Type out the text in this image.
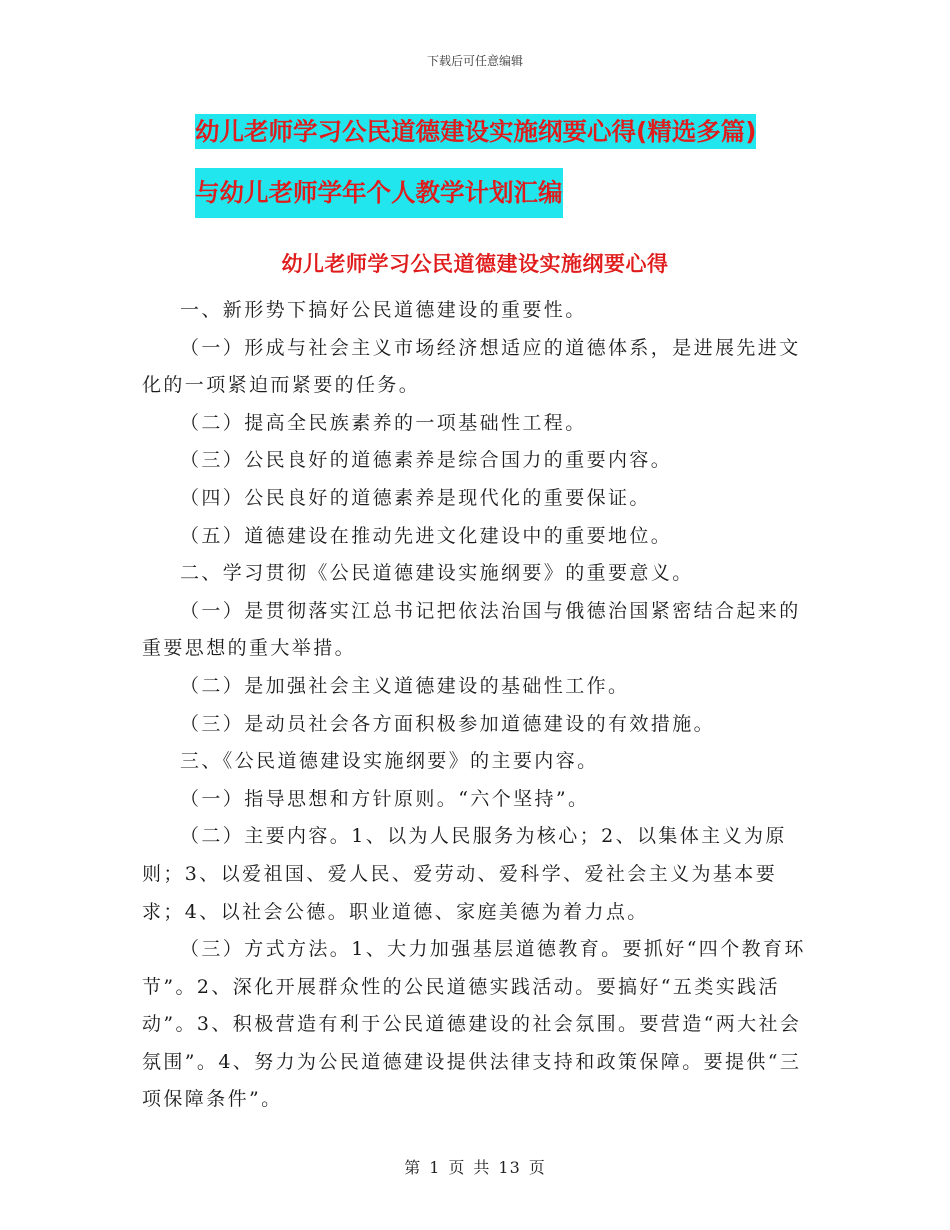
下载后可任意编辑
幼儿老师学习公民道德建设实施纲要心得(精选多篇)
与幼儿老师学年个人教学计划汇编
幼儿老师学习公民道德建设实施纲要心得

一、新形势下搞好公民道德建设的重要性。

（一）形成与社会主义市场经济想适应的道德体系，是进展先进文化的一项紧迫而紧要的任务。

（二）提高全民族素养的一项基础性工程。

（三）公民良好的道德素养是综合国力的重要内容。

（四）公民良好的道德素养是现代化的重要保证。

（五）道德建设在推动先进文化建设中的重要地位。

二、学习贯彻《公民道德建设实施纲要》的重要意义。

（一）是贯彻落实江总书记把依法治国与俄德治国紧密结合起来的重要思想的重大举措。

（二）是加强社会主义道德建设的基础性工作。

（三）是动员社会各方面积极参加道德建设的有效措施。

三、《公民道德建设实施纲要》的主要内容。

（一）指导思想和方针原则。“六个坚持”。

（二）主要内容。1、以为人民服务为核心；2、以集体主义为原则；3、以爱祖国、爱人民、爱劳动、爱科学、爱社会主义为基本要求；4、以社会公德。职业道德、家庭美德为着力点。

（三）方式方法。1、大力加强基层道德教育。要抓好“四个教育环节”。2、深化开展群众性的公民道德实践活动。要搞好“五类实践活动”。3、积极营造有利于公民道德建设的社会氛围。要营造“两大社会氛围”。4、努力为公民道德建设提供法律支持和政策保障。要提供“三项保障条件”。

第 1 页 共 13 页
